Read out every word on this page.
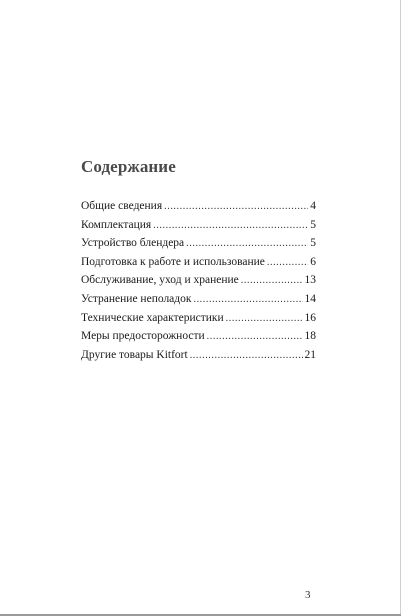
Содержание
Общие сведения .....	4
Комплектация .....	5
Устройство блендера .....	5
Подготовка к работе и использование .....	6
Обслуживание, уход и хранение .....	13
Устранение неполадок .....	14
Технические характеристики .....	16
Меры предосторожности .....	18
Другие товары Kitfort .....	21
3
